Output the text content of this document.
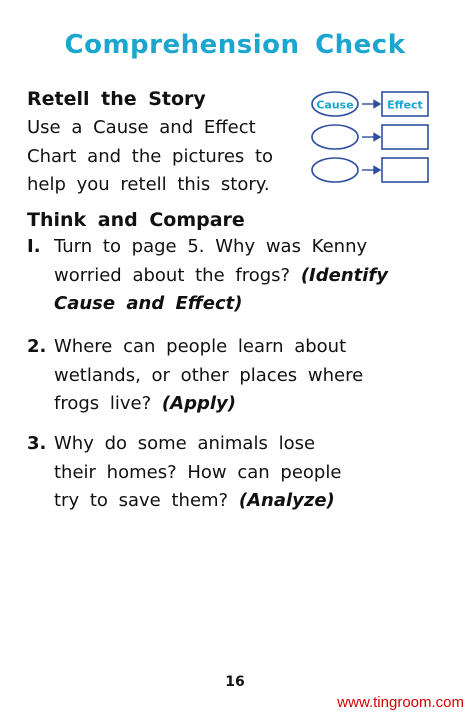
Comprehension Check
Retell the Story
Use a Cause and Effect
Chart and the pictures to
help you retell this story.
Cause	Effect
Think and Compare
I. Turn to page 5. Why was Kenny
worried about the frogs? (Identify
Cause and Effect)
2. Where can people learn about
wetlands, or other places where
frogs live? (Apply)
3. Why do some animals lose
their homes? How can people
try to save them? (Analyze)
16
www.tingroom.com
